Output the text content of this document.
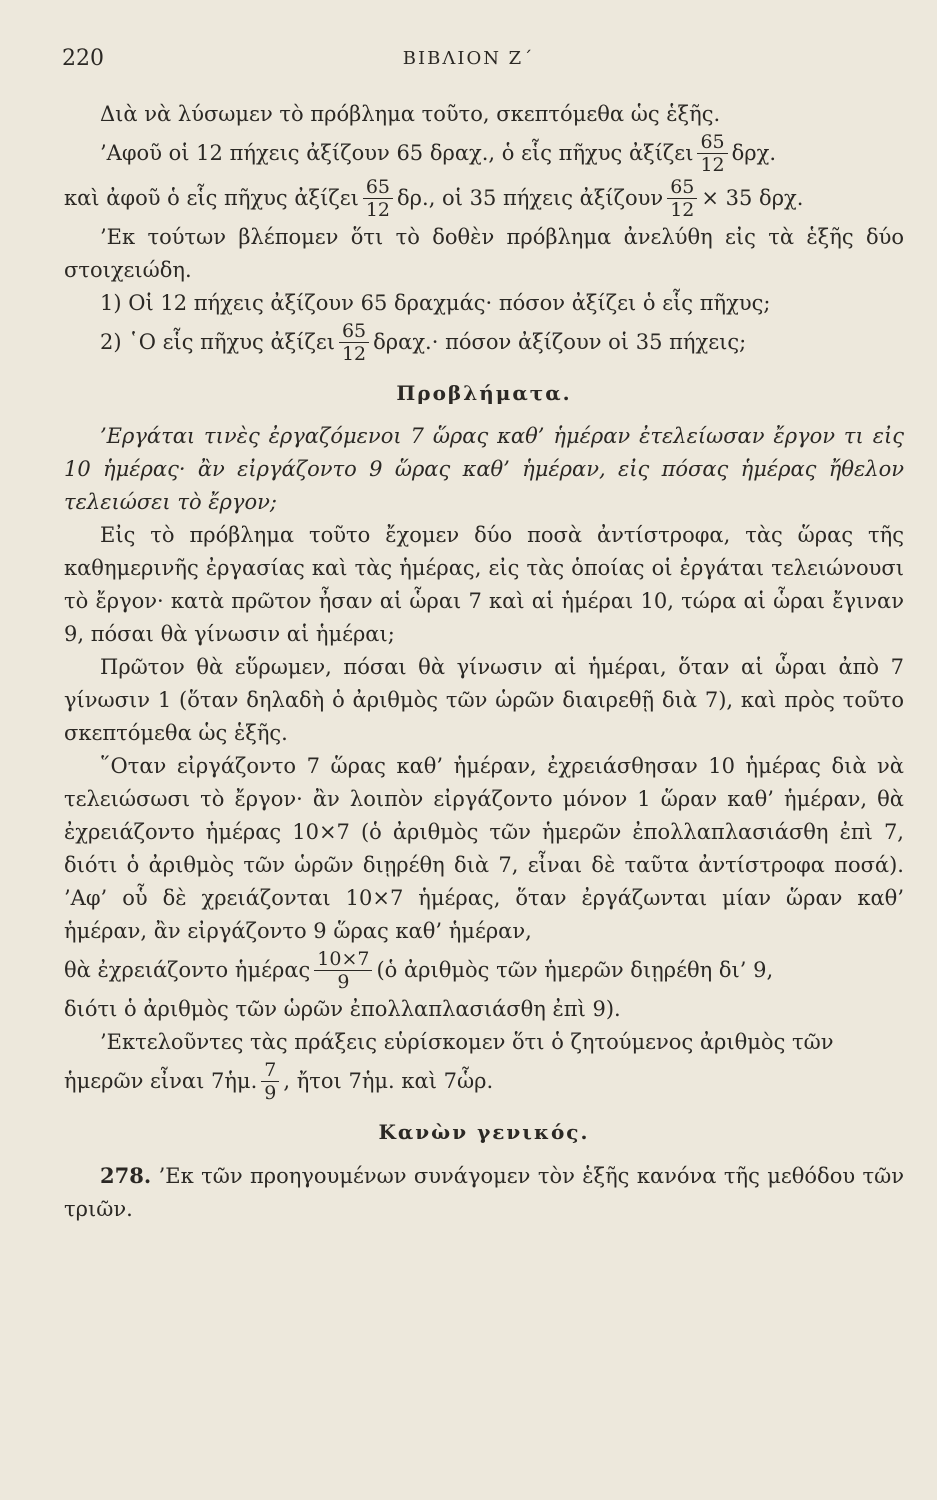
220	ΒΙΒΛΙΟΝ Ζ΄

Διὰ νὰ λύσωμεν τὸ πρόβλημα τοῦτο, σκεπτόμεθα ὡς ἑξῆς.

’Αφοῦ οἱ 12 πήχεις ἀξίζουν 65 δραχ., ὁ εἷς πῆχυς ἀξίζει $\frac{65}{12} \delta\rho\chi$.
καὶ ἀφοῦ ὁ εἷς πῆχυς ἀξίζει $\frac{65}{12} \delta\rho$., οἱ 35 πήχεις ἀξίζουν $\frac{65}{12} \times 35$ δρχ.

’Εκ τούτων βλέπομεν ὅτι τὸ δοθὲν πρόβλημα ἀνελύθη εἰς τὰ ἑξῆς δύο στοιχειώδη.

1) Οἱ 12 πήχεις ἀξίζουν 65 δραχμάς· πόσον ἀξίζει ὁ εἷς πῆχυς;

2) ῾Ο εἷς πῆχυς ἀξίζει $\frac{65}{12} \delta\rho\alpha\chi.\cdot \pi ό\sigma o\nu$ ἀξίζουν οἱ 35 πήχεις;
Προβλήματα.

’Εργάται τινὲς ἐργαζόμενοι 7 ὥρας καθ’ ἡμέραν ἐτελείωσαν ἔργον τι εἰς 10 ἡμέρας· ἂν εἰργάζοντο 9 ὥρας καθ’ ἡμέραν, εἰς πόσας ἡμέρας ἤθελον τελειώσει τὸ ἔργον;

Εἰς τὸ πρόβλημα τοῦτο ἔχομεν δύο ποσὰ ἀντίστροφα, τὰς ὥρας τῆς καθημερινῆς ἐργασίας καὶ τὰς ἡμέρας, εἰς τὰς ὁποίας οἱ ἐργάται τελειώνουσι τὸ ἔργον· κατὰ πρῶτον ἦσαν αἱ ὧραι 7 καὶ αἱ ἡμέραι 10, τώρα αἱ ὧραι ἔγιναν 9, πόσαι θὰ γίνωσιν αἱ ἡμέραι;

Πρῶτον θὰ εὕρωμεν, πόσαι θὰ γίνωσιν αἱ ἡμέραι, ὅταν αἱ ὧραι ἀπὸ 7 γίνωσιν 1 (ὅταν δηλαδὴ ὁ ἀριθμὸς τῶν ὡρῶν διαιρεθῇ διὰ 7), καὶ πρὸς τοῦτο σκεπτόμεθα ὡς ἑξῆς.

῞Οταν εἰργάζοντο 7 ὥρας καθ’ ἡμέραν, ἐχρειάσθησαν 10 ἡμέρας διὰ νὰ τελειώσωσι τὸ ἔργον· ἂν λοιπὸν εἰργάζοντο μόνον 1 ὥραν καθ’ ἡμέραν, θὰ ἐχρειάζοντο ἡμέρας 10×7 (ὁ ἀριθμὸς τῶν ἡμερῶν ἐπολλαπλασιάσθη ἐπὶ 7, διότι ὁ ἀριθμὸς τῶν ὡρῶν διῃρέθη διὰ 7, εἶναι δὲ ταῦτα ἀντίστροφα ποσά). ’Αφ’ οὗ δὲ χρειάζονται 10×7 ἡμέρας, ὅταν ἐργάζωνται μίαν ὥραν καθ’ ἡμέραν, ἂν εἰργάζοντο 9 ὥρας καθ’ ἡμέραν,

θὰ ἐχρειάζοντο ἡμέρας $\frac{10\times 7}{9}$ (ὁ ἀριθμὸς τῶν ἡμερῶν διῃρέθη δι’ 9,

διότι ὁ ἀριθμὸς τῶν ὡρῶν ἐπολλαπλασιάσθη ἐπὶ 9).

’Εκτελοῦντες τὰς πράξεις εὑρίσκομεν ὅτι ὁ ζητούμενος ἀριθμὸς τῶν

ἡμερῶν εἶναι 7ἡμ. $\frac{7}{9}$ , ἤτοι 7ἡμ. καὶ 7ὧρ.
Κανὼν γενικός.

278. ’Εκ τῶν προηγουμένων συνάγομεν τὸν ἑξῆς κανόνα τῆς μεθόδου τῶν τριῶν.
